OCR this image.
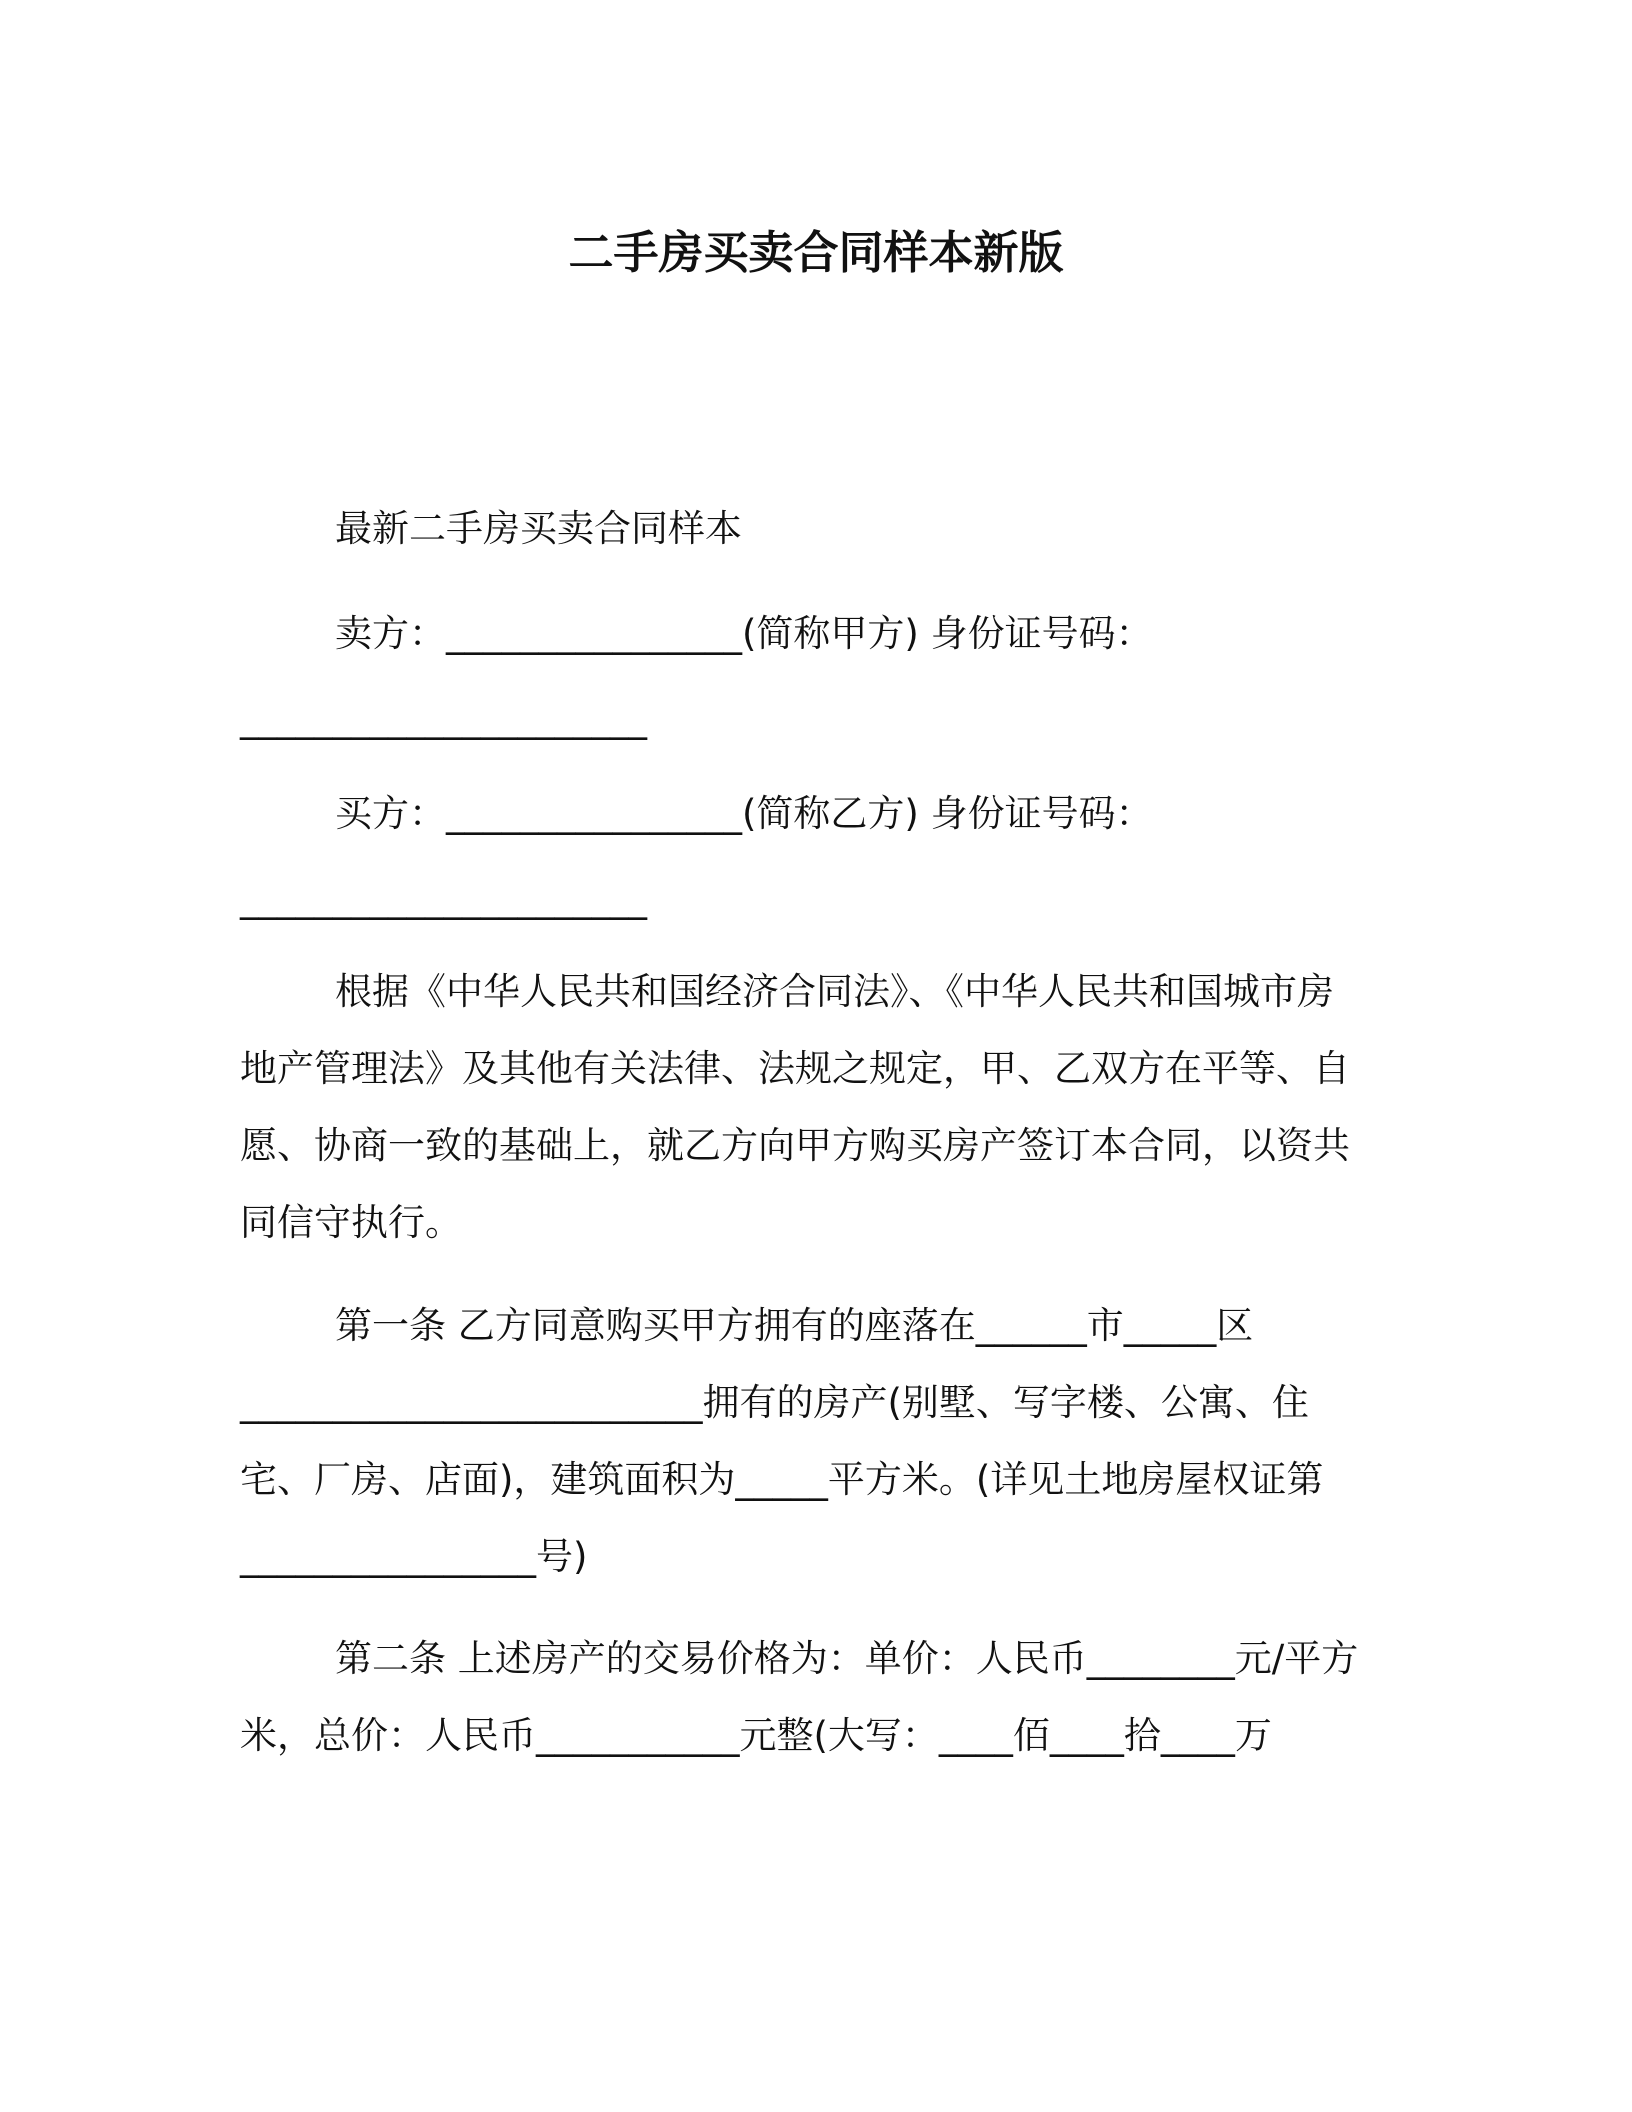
二手房买卖合同样本新版
最新二手房买卖合同样本
卖方：________________(简称甲方) 身份证号码：
______________________
买方：________________(简称乙方) 身份证号码：
______________________
根据《中华人民共和国经济合同法》、《中华人民共和国城市房
地产管理法》及其他有关法律、法规之规定，甲、乙双方在平等、自
愿、协商一致的基础上，就乙方向甲方购买房产签订本合同，以资共
同信守执行。
第一条 乙方同意购买甲方拥有的座落在______市_____区
_________________________拥有的房产(别墅、写字楼、公寓、住
宅、厂房、店面)，建筑面积为_____平方米。(详见土地房屋权证第
________________号)
第二条 上述房产的交易价格为：单价：人民币________元/平方
米，总价：人民币___________元整(大写：____佰____拾____万
